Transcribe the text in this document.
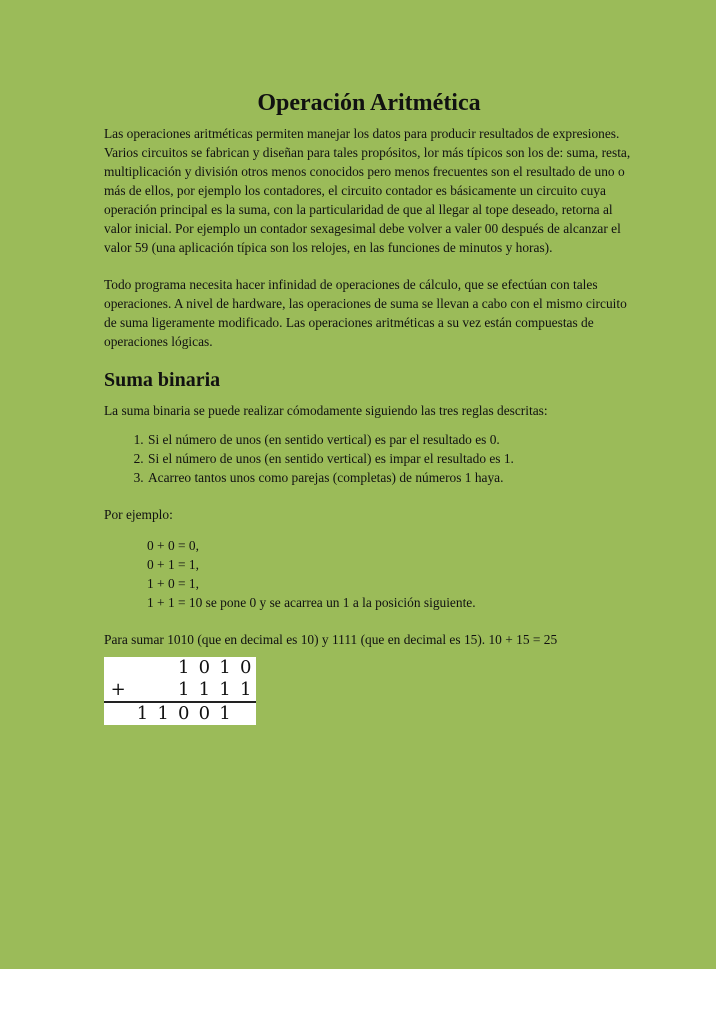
Operación Aritmética

Las operaciones aritméticas permiten manejar los datos para producir resultados de expresiones. Varios circuitos se fabrican y diseñan para tales propósitos, lor más típicos son los de: suma, resta, multiplicación y división otros menos conocidos pero menos frecuentes son el resultado de uno o más de ellos, por ejemplo los contadores, el circuito contador es básicamente un circuito cuya operación principal es la suma, con la particularidad de que al llegar al tope deseado, retorna al valor inicial. Por ejemplo un contador sexagesimal debe volver a valer 00 después de alcanzar el valor 59 (una aplicación típica son los relojes, en las funciones de minutos y horas).

Todo programa necesita hacer infinidad de operaciones de cálculo, que se efectúan con tales operaciones. A nivel de hardware, las operaciones de suma se llevan a cabo con el mismo circuito de suma ligeramente modificado. Las operaciones aritméticas a su vez están compuestas de operaciones lógicas.

Suma binaria

La suma binaria se puede realizar cómodamente siguiendo las tres reglas descritas:

1. Si el número de unos (en sentido vertical) es par el resultado es 0.
2. Si el número de unos (en sentido vertical) es impar el resultado es 1.
3. Acarreo tantos unos como parejas (completas) de números 1 haya.

Por ejemplo:

0 + 0 = 0,
0 + 1 = 1,
1 + 0 = 1,
1 + 1 = 10 se pone 0 y se acarrea un 1 a la posición siguiente.

Para sumar 1010 (que en decimal es 10) y 1111 (que en decimal es 15). 10 + 15 = 25

			1	0	1	0
+			1	1	1	1
	1	1	0	0	1	
